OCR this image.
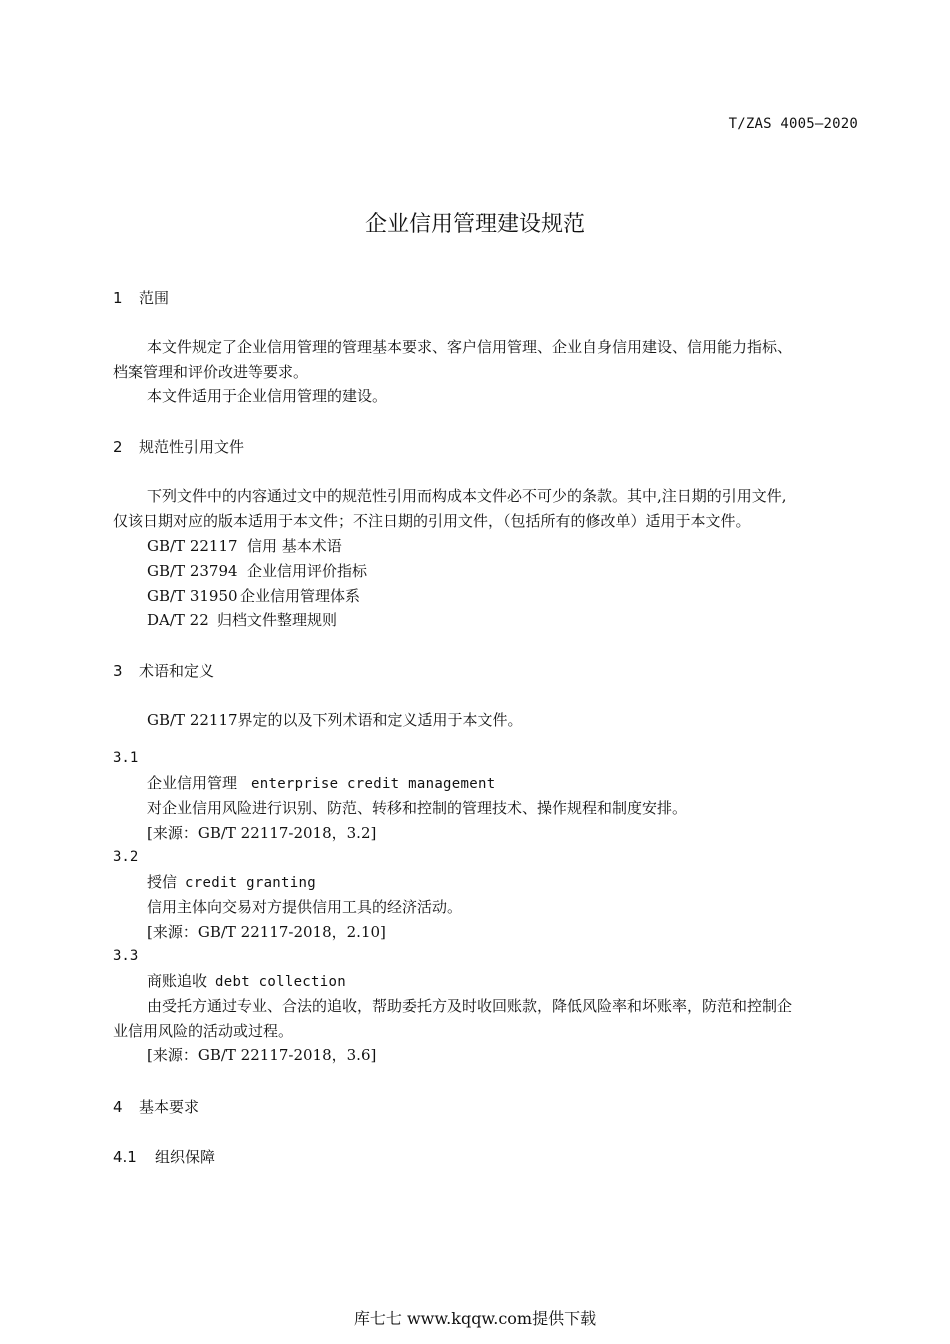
T/ZAS 4005—2020
企业信用管理建设规范
1 范围
本文件规定了企业信用管理的管理基本要求、客户信用管理、企业自身信用建设、信用能力指标、
档案管理和评价改进等要求。
本文件适用于企业信用管理的建设。
2 规范性引用文件
下列文件中的内容通过文中的规范性引用而构成本文件必不可少的条款。其中,注日期的引用文件,
仅该日期对应的版本适用于本文件；不注日期的引用文件，（包括所有的修改单）适用于本文件。
GB/T 22117 信用 基本术语
GB/T 23794 企业信用评价指标
GB/T 31950 企业信用管理体系
DA/T 22 归档文件整理规则
3 术语和定义
GB/T 22117界定的以及下列术语和定义适用于本文件。
3.1
企业信用管理 enterprise credit management
对企业信用风险进行识别、防范、转移和控制的管理技术、操作规程和制度安排。
[来源：GB/T 22117-2018，3.2]
3.2
授信 credit granting
信用主体向交易对方提供信用工具的经济活动。
[来源：GB/T 22117-2018，2.10]
3.3
商账追收 debt collection
由受托方通过专业、合法的追收，帮助委托方及时收回账款，降低风险率和坏账率，防范和控制企
业信用风险的活动或过程。
[来源：GB/T 22117-2018，3.6]
4 基本要求
4.1 组织保障
库七七 www.kqqw.com提供下载
